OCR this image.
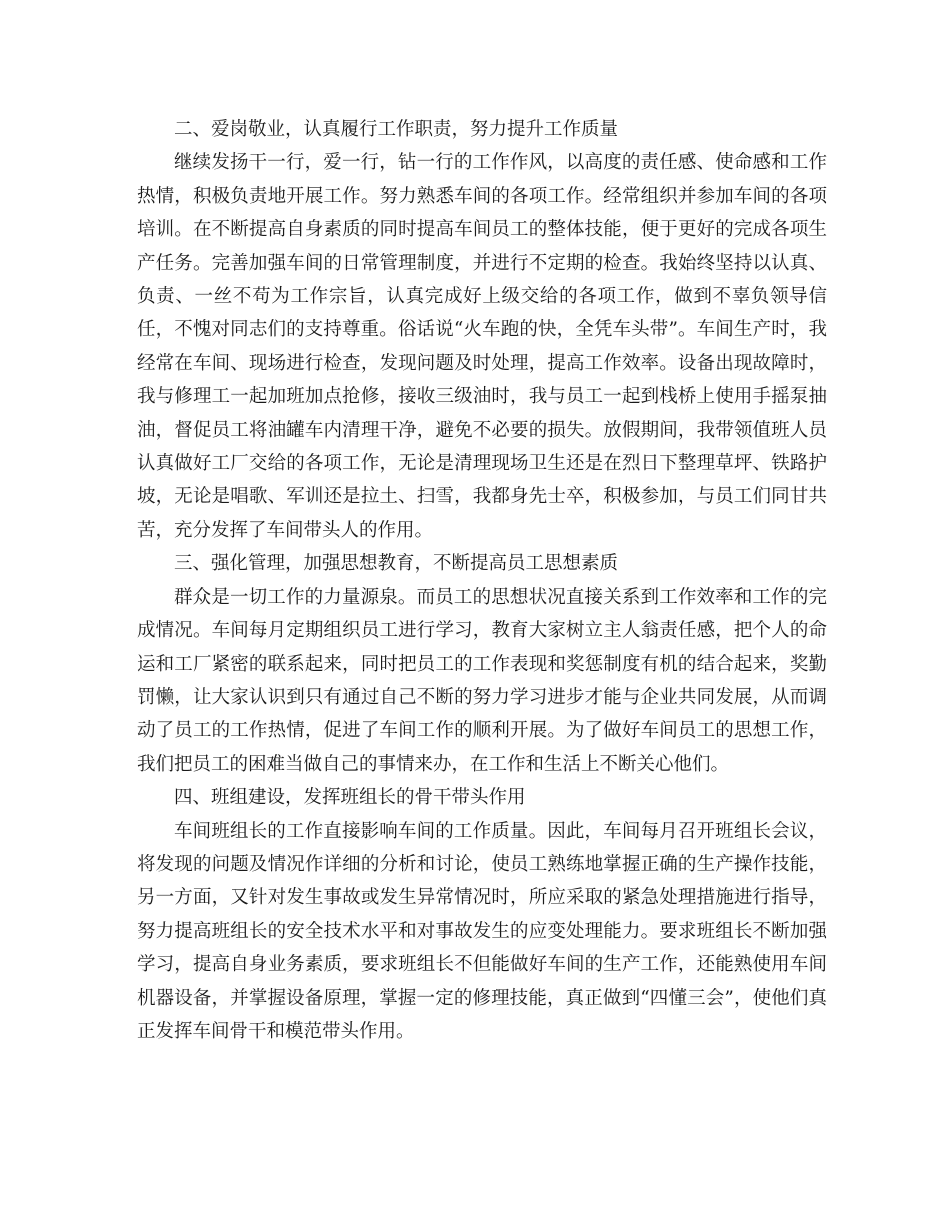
二、爱岗敬业，认真履行工作职责，努力提升工作质量

继续发扬干一行，爱一行，钻一行的工作作风，以高度的责任感、使命感和工作热情，积极负责地开展工作。努力熟悉车间的各项工作。经常组织并参加车间的各项培训。在不断提高自身素质的同时提高车间员工的整体技能，便于更好的完成各项生产任务。完善加强车间的日常管理制度，并进行不定期的检查。我始终坚持以认真、负责、一丝不苟为工作宗旨，认真完成好上级交给的各项工作，做到不辜负领导信任，不愧对同志们的支持尊重。俗话说“火车跑的快，全凭车头带”。车间生产时，我经常在车间、现场进行检查，发现问题及时处理，提高工作效率。设备出现故障时，我与修理工一起加班加点抢修，接收三级油时，我与员工一起到栈桥上使用手摇泵抽油，督促员工将油罐车内清理干净，避免不必要的损失。放假期间，我带领值班人员认真做好工厂交给的各项工作，无论是清理现场卫生还是在烈日下整理草坪、铁路护坡，无论是唱歌、军训还是拉土、扫雪，我都身先士卒，积极参加，与员工们同甘共苦，充分发挥了车间带头人的作用。

三、强化管理，加强思想教育，不断提高员工思想素质

群众是一切工作的力量源泉。而员工的思想状况直接关系到工作效率和工作的完成情况。车间每月定期组织员工进行学习，教育大家树立主人翁责任感，把个人的命运和工厂紧密的联系起来，同时把员工的工作表现和奖惩制度有机的结合起来，奖勤罚懒，让大家认识到只有通过自己不断的努力学习进步才能与企业共同发展，从而调动了员工的工作热情，促进了车间工作的顺利开展。为了做好车间员工的思想工作，我们把员工的困难当做自己的事情来办，在工作和生活上不断关心他们。

四、班组建设，发挥班组长的骨干带头作用

车间班组长的工作直接影响车间的工作质量。因此，车间每月召开班组长会议，将发现的问题及情况作详细的分析和讨论，使员工熟练地掌握正确的生产操作技能，另一方面，又针对发生事故或发生异常情况时，所应采取的紧急处理措施进行指导，努力提高班组长的安全技术水平和对事故发生的应变处理能力。要求班组长不断加强学习，提高自身业务素质，要求班组长不但能做好车间的生产工作，还能熟使用车间机器设备，并掌握设备原理，掌握一定的修理技能，真正做到“四懂三会”，使他们真正发挥车间骨干和模范带头作用。
